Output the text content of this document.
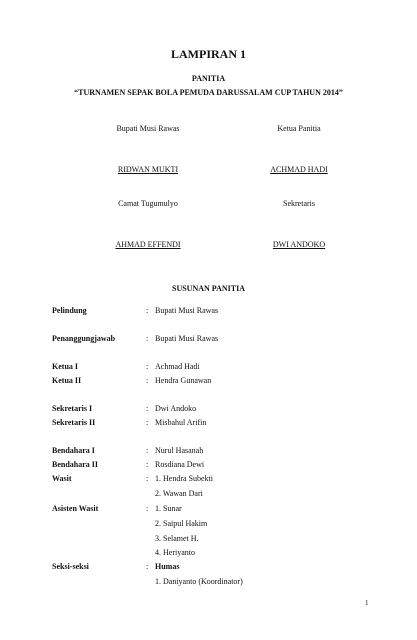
LAMPIRAN 1
PANITIA
“TURNAMEN SEPAK BOLA PEMUDA DARUSSALAM CUP TAHUN 2014”
Bupati Musi Rawas	Ketua Panitia
RIDWAN MUKTI	ACHMAD HADI
Camat Tugumulyo	Sekretaris
AHMAD EFFENDI	DWI ANDOKO
SUSUNAN PANITIA
Pelindung	: Bupati Musi Rawas
Penanggungjawab	: Bupati Musi Rawas
Ketua I	: Achmad Hadi
Ketua II	: Hendra Gunawan
Sekretaris I	: Dwi Andoko
Sekretaris II	: Misbahul Arifin
Bendahara I	: Nurul Hasanah
Bendahara II	: Rosdiana Dewi
Wasit	: 1. Hendra Subekti
2. Wawan Dari
Asisten Wasit	: 1. Sunar
2. Saipul Hakim
3. Selamet H.
4. Heriyanto
Seksi-seksi	: Humas
1. Daniyanto (Koordinator)
1
